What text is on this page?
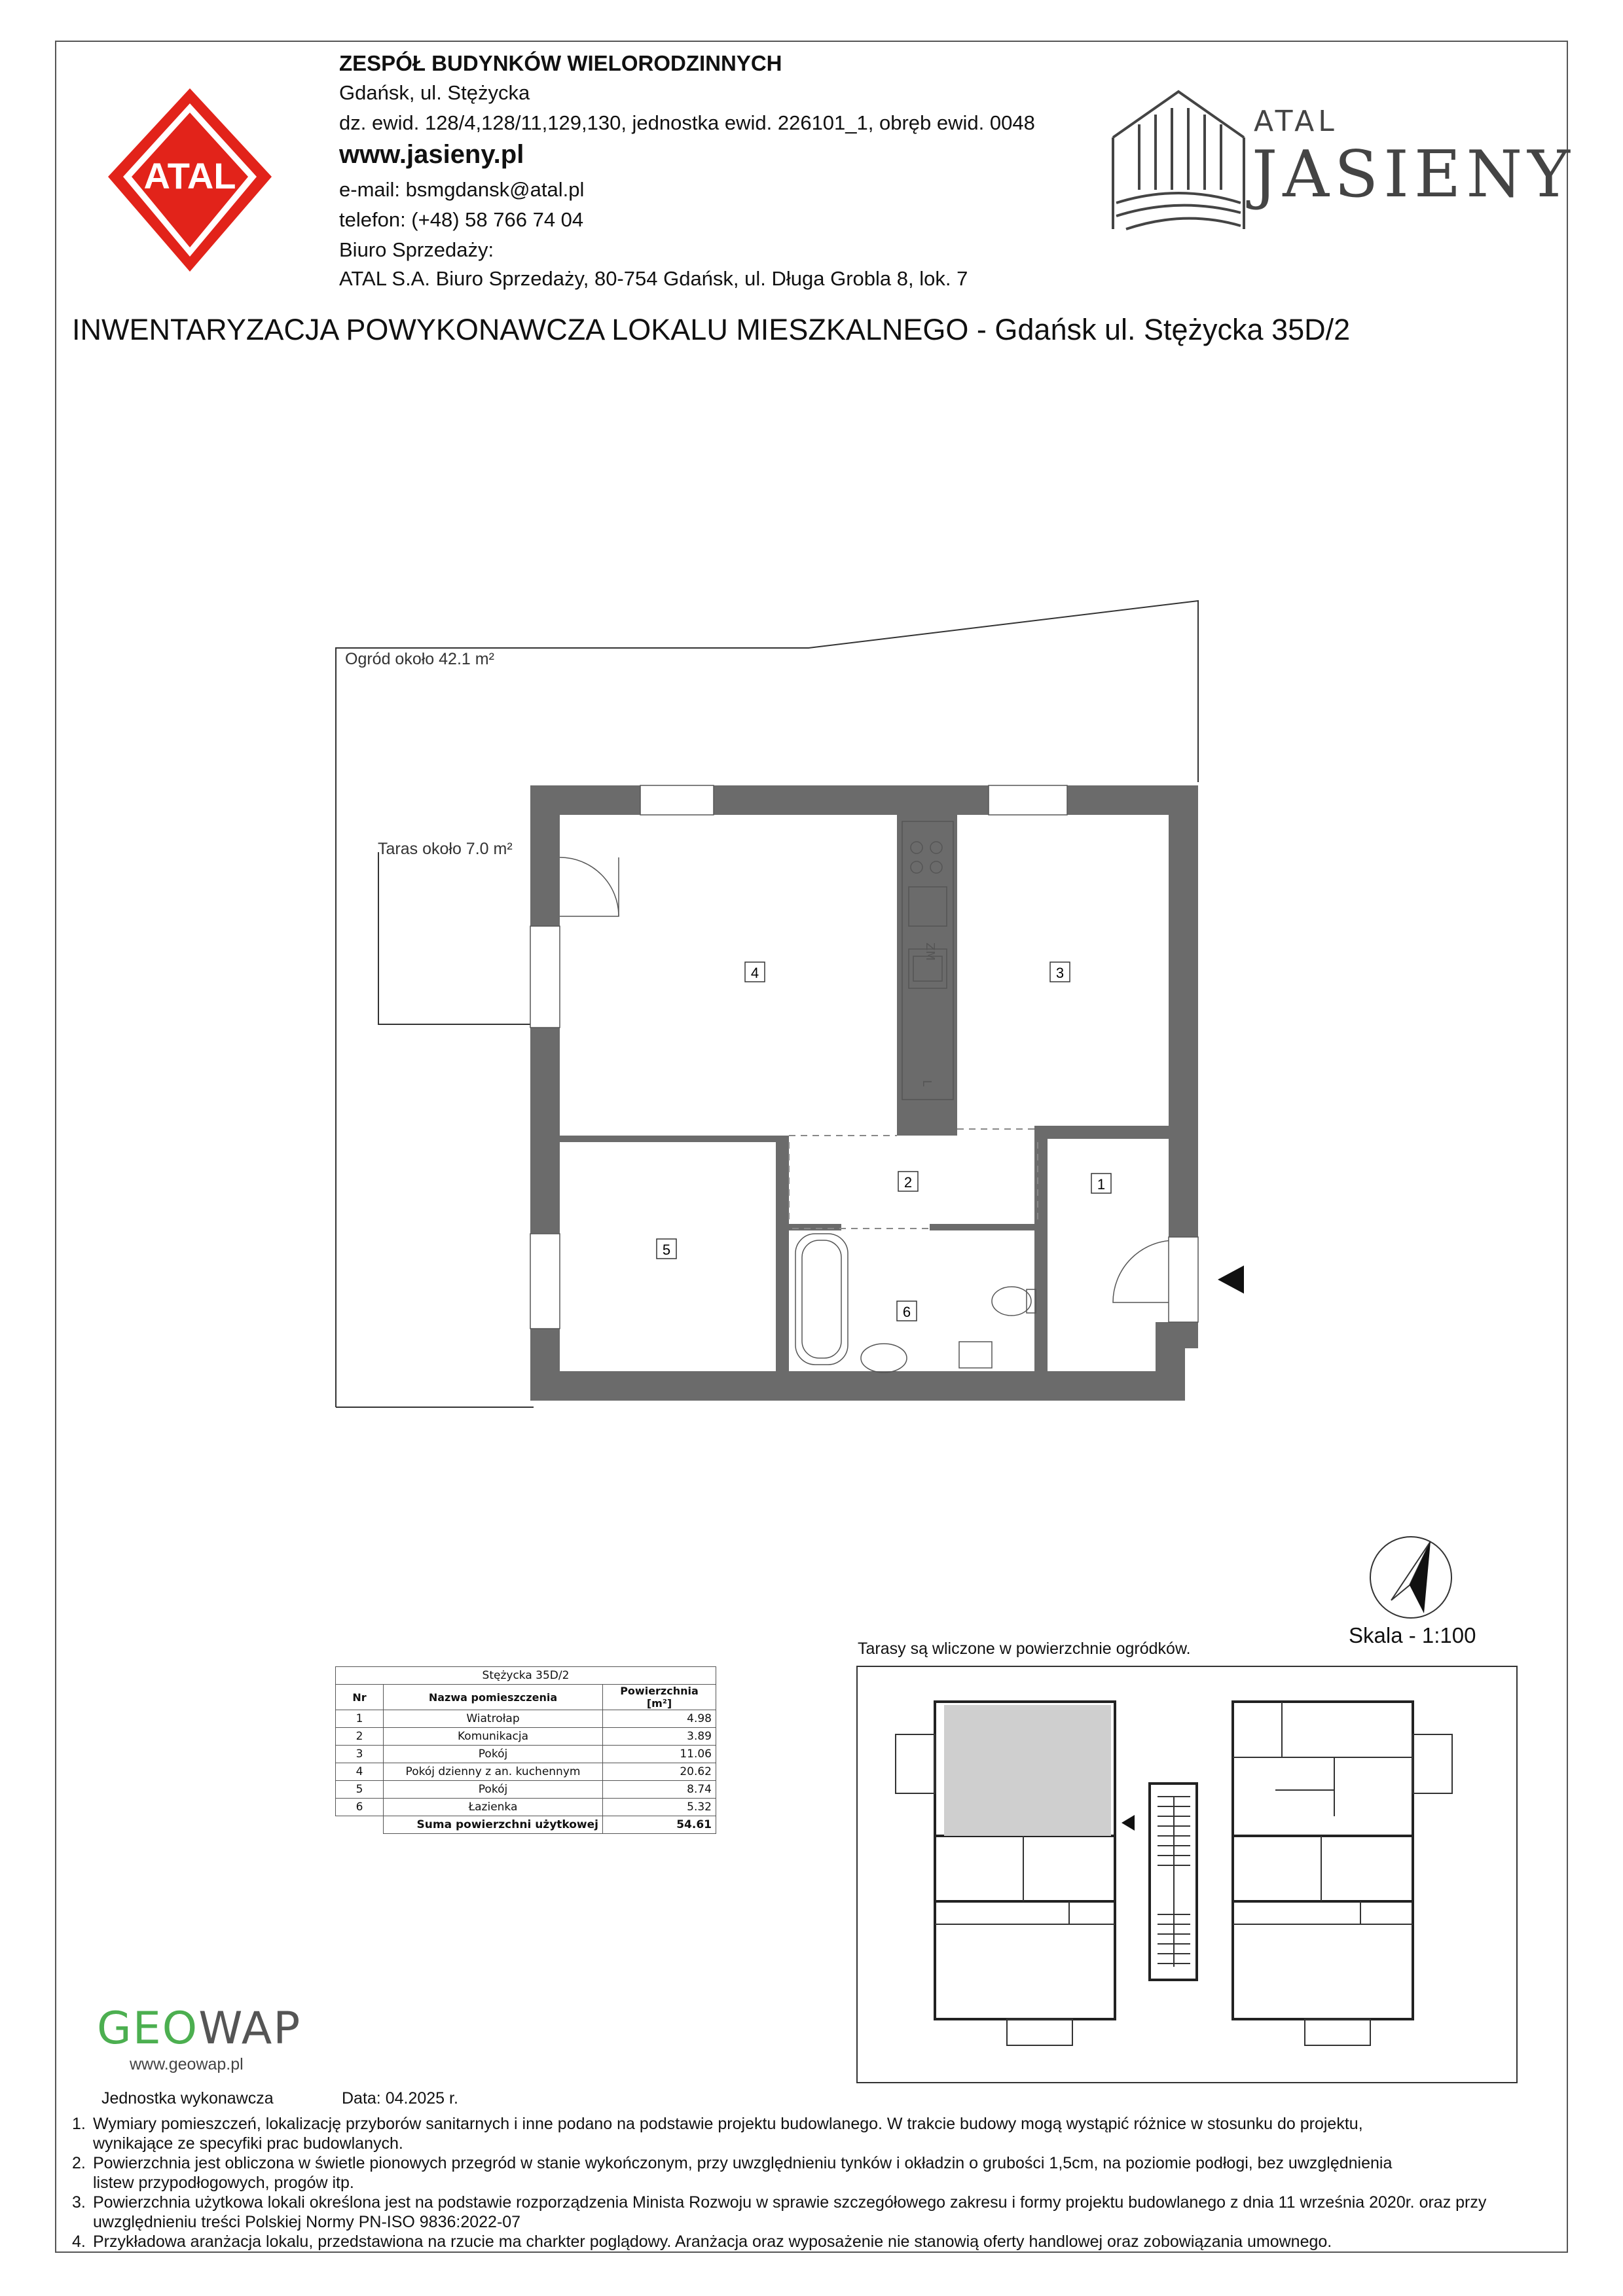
ATAL
ZESPÓŁ BUDYNKÓW WIELORODZINNYCH
Gdańsk, ul. Stężycka
dz. ewid. 128/4,128/11,129,130, jednostka ewid. 226101_1, obręb ewid. 0048
www.jasieny.pl
e-mail: bsmgdansk@atal.pl
telefon: (+48) 58 766 74 04
Biuro Sprzedaży:
ATAL S.A. Biuro Sprzedaży, 80-754 Gdańsk, ul. Długa Grobla 8, lok. 7
ATAL
JASIENY
INWENTARYZACJA POWYKONAWCZA LOKALU MIESZKALNEGO - Gdańsk ul. Stężycka 35D/2
4	3
2	1
5
6
ZM
L
Ogród około 42.1 m²
Taras około 7.0 m²
Skala - 1:100
Stężycka 35D/2		
Nr	Nazwa pomieszczenia	Powierzchnia [m²]
1	Wiatrołap	4.98
2	Komunikacja	3.89
3	Pokój	11.06
4	Pokój dzienny z an. kuchennym	20.62
5	Pokój	8.74
6	Łazienka	5.32
	Suma powierzchni użytkowej	54.61
Tarasy są wliczone w powierzchnie ogródków.
GEOWAP
www.geowap.pl
Jednostka wykonawcza	Data: 04.2025 r.
1. Wymiary pomieszczeń, lokalizację przyborów sanitarnych i inne podano na podstawie projektu budowlanego. W trakcie budowy mogą wystąpić różnice w stosunku do projektu,
wynikające ze specyfiki prac budowlanych.
2. Powierzchnia jest obliczona w świetle pionowych przegród w stanie wykończonym, przy uwzględnieniu tynków i okładzin o grubości 1,5cm, na poziomie podłogi, bez uwzględnienia
listew przypodłogowych, progów itp.
3. Powierzchnia użytkowa lokali określona jest na podstawie rozporządzenia Minista Rozwoju w sprawie szczegółowego zakresu i formy projektu budowlanego z dnia 11 września 2020r. oraz przy
uwzględnieniu treści Polskiej Normy PN-ISO 9836:2022-07
4. Przykładowa aranżacja lokalu, przedstawiona na rzucie ma charkter poglądowy. Aranżacja oraz wyposażenie nie stanowią oferty handlowej oraz zobowiązania umownego.
